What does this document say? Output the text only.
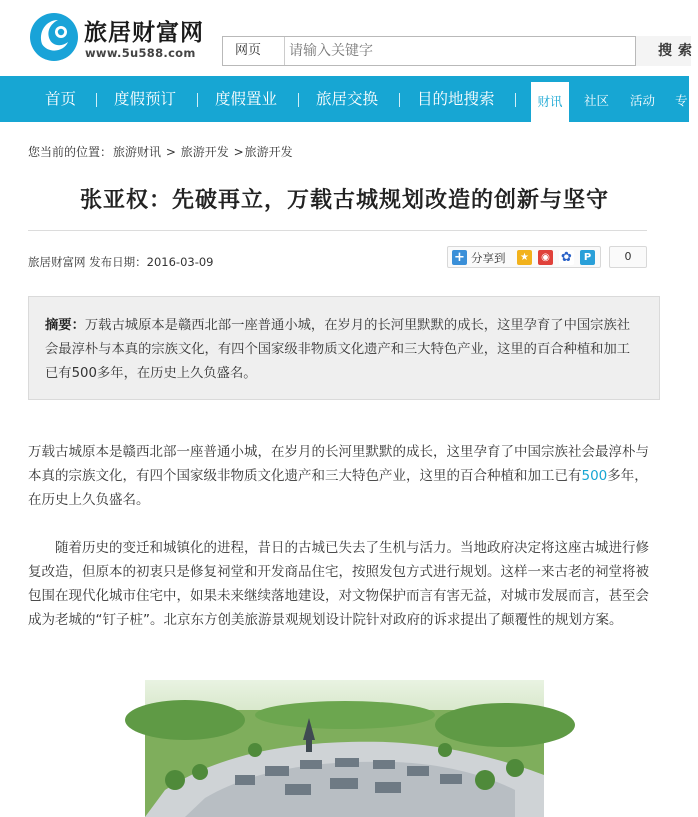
旅居财富网
www.5u588.com	网页
请输入关键字	搜索
首页 度假预订	度假置业	旅居交换	目的地搜索	财讯	社区 活动 专
您当前的位置：旅游财讯 > 旅游开发 >旅游开发
张亚权：先破再立，万载古城规划改造的创新与坚守
旅居财富网 发布日期：2016-03-09	+ 分享到	★	◉ ✿	P	0
摘要：万载古城原本是赣西北部一座普通小城，在岁月的长河里默默的成长，这里孕育了中国宗族社会最淳朴与本真的宗族文化，有四个国家级非物质文化遗产和三大特色产业，这里的百合种植和加工已有500多年，在历史上久负盛名。
万载古城原本是赣西北部一座普通小城，在岁月的长河里默默的成长，这里孕育了中国宗族社会最淳朴与本真的宗族文化，有四个国家级非物质文化遗产和三大特色产业，这里的百合种植和加工已有500多年，在历史上久负盛名。
随着历史的变迁和城镇化的进程，昔日的古城已失去了生机与活力。当地政府决定将这座古城进行修复改造，但原本的初衷只是修复祠堂和开发商品住宅，按照发包方式进行规划。这样一来古老的祠堂将被包围在现代化城市住宅中，如果未来继续落地建设，对文物保护而言有害无益，对城市发展而言，甚至会成为老城的“钉子桩”。北京东方创美旅游景观规划设计院针对政府的诉求提出了颠覆性的规划方案。
